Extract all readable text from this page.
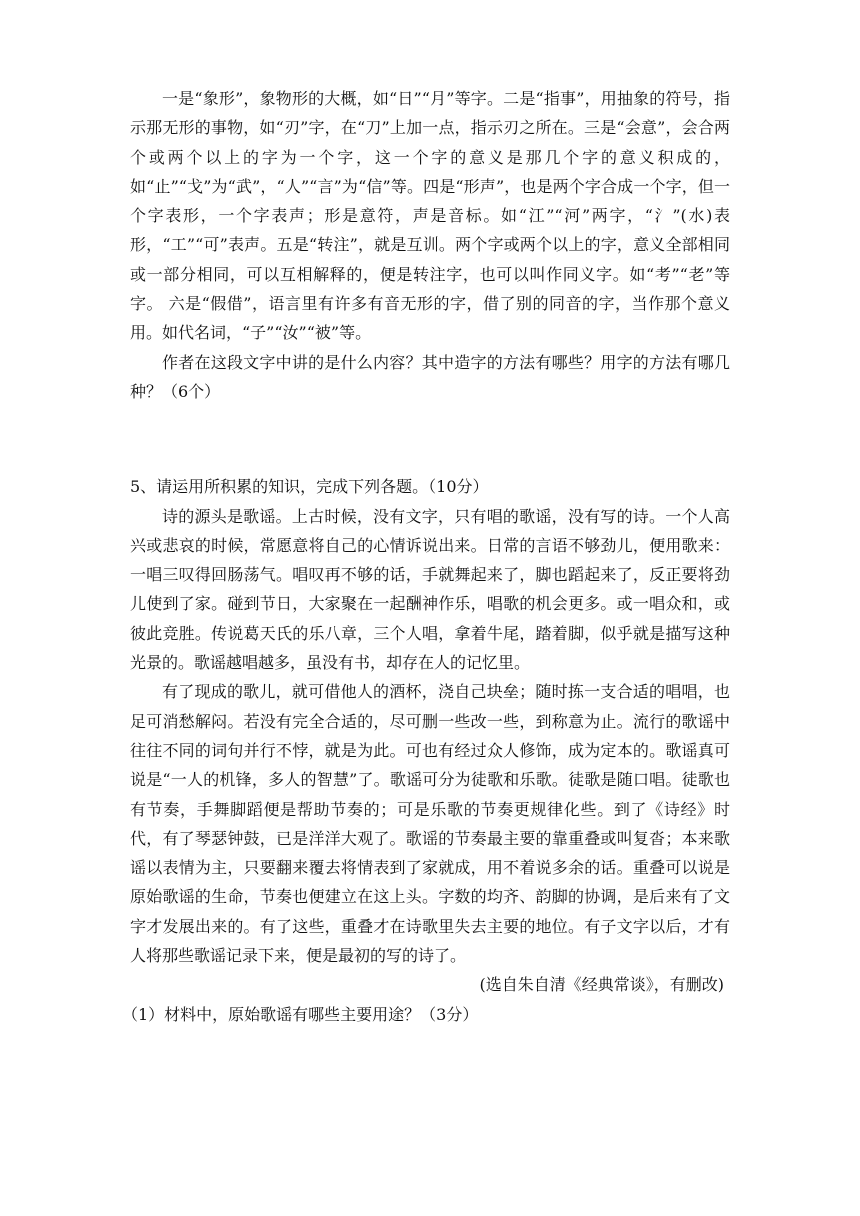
一是“象形”，象物形的大概，如“日”“月”等字。二是“指事”，用抽象的符号，指示那无形的事物，如“刃”字，在“刀”上加一点，指示刃之所在。三是“会意”，会合两个或两个以上的字为一个字，这一个字的意义是那几个字的意义积成的，如“止”“戈”为“武”，“人”“言”为“信”等。四是“形声”，也是两个字合成一个字，但一个字表形，一个字表声；形是意符，声是音标。如“江”“河”两字，“氵”(水)表形，“工”“可”表声。五是“转注”，就是互训。两个字或两个以上的字，意义全部相同或一部分相同，可以互相解释的，便是转注字，也可以叫作同义字。如“考”“老”等字。 六是“假借”，语言里有许多有音无形的字，借了别的同音的字，当作那个意义用。如代名词，“子”“汝”“被”等。

作者在这段文字中讲的是什么内容？其中造字的方法有哪些？用字的方法有哪几种？（6个）

5、请运用所积累的知识，完成下列各题。（10分）

诗的源头是歌谣。上古时候，没有文字，只有唱的歌谣，没有写的诗。一个人高兴或悲哀的时候，常愿意将自己的心情诉说出来。日常的言语不够劲儿，便用歌来：一唱三叹得回肠荡气。唱叹再不够的话，手就舞起来了，脚也蹈起来了，反正要将劲儿使到了家。碰到节日，大家聚在一起酬神作乐，唱歌的机会更多。或一唱众和，或彼此竞胜。传说葛天氏的乐八章，三个人唱，拿着牛尾，踏着脚，似乎就是描写这种光景的。歌谣越唱越多，虽没有书，却存在人的记忆里。

有了现成的歌儿，就可借他人的酒杯，浇自己块垒；随时拣一支合适的唱唱，也足可消愁解闷。若没有完全合适的，尽可删一些改一些，到称意为止。流行的歌谣中往往不同的词句并行不悖，就是为此。可也有经过众人修饰，成为定本的。歌谣真可说是“一人的机锋，多人的智慧”了。歌谣可分为徒歌和乐歌。徒歌是随口唱。徒歌也有节奏，手舞脚蹈便是帮助节奏的；可是乐歌的节奏更规律化些。到了《诗经》时代，有了琴瑟钟鼓，已是洋洋大观了。歌谣的节奏最主要的靠重叠或叫复沓；本来歌谣以表情为主，只要翻来覆去将情表到了家就成，用不着说多余的话。重叠可以说是原始歌谣的生命，节奏也便建立在这上头。字数的均齐、韵脚的协调，是后来有了文字才发展出来的。有了这些，重叠才在诗歌里失去主要的地位。有子文字以后，才有人将那些歌谣记录下来，便是最初的写的诗了。

(选自朱自清《经典常谈》，有删改)

（1）材料中，原始歌谣有哪些主要用途？（3分）
